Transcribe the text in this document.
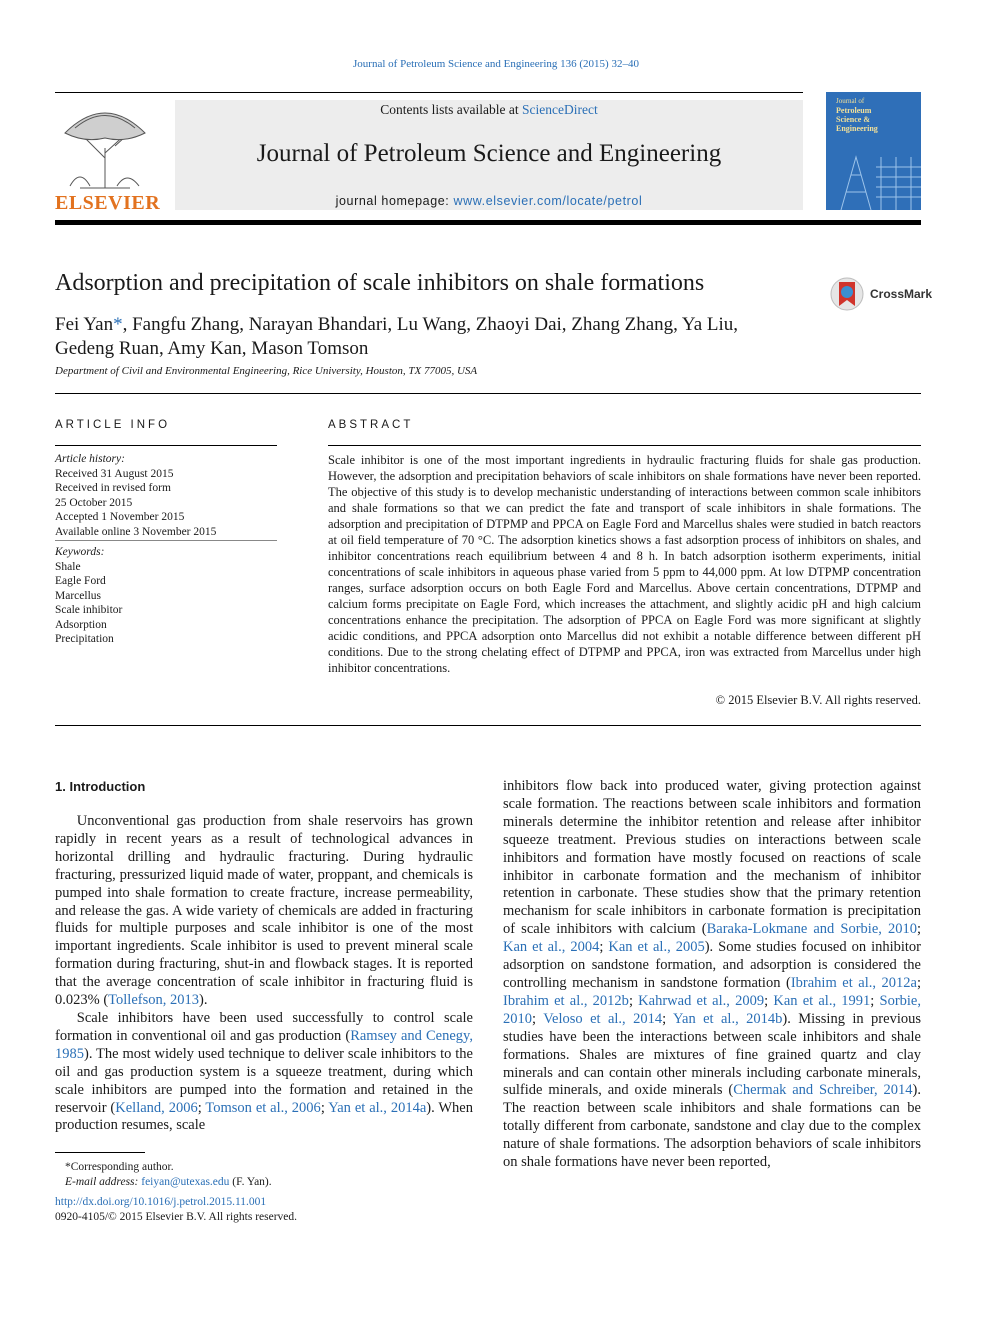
Journal of Petroleum Science and Engineering 136 (2015) 32–40
ELSEVIER
Contents lists available at ScienceDirect
Journal of Petroleum Science and Engineering
journal homepage: www.elsevier.com/locate/petrol
Journal of
Petroleum
Science &
Engineering
Adsorption and precipitation of scale inhibitors on shale formations	CrossMark
Fei Yan*, Fangfu Zhang, Narayan Bhandari, Lu Wang, Zhaoyi Dai, Zhang Zhang, Ya Liu,
Gedeng Ruan, Amy Kan, Mason Tomson
Department of Civil and Environmental Engineering, Rice University, Houston, TX 77005, USA
ARTICLE INFO	ABSTRACT
Article history:
Received 31 August 2015
Received in revised form
25 October 2015
Accepted 1 November 2015
Available online 3 November 2015
Keywords:
Shale
Eagle Ford
Marcellus
Scale inhibitor
Adsorption
Precipitation
Scale inhibitor is one of the most important ingredients in hydraulic fracturing fluids for shale gas production. However, the adsorption and precipitation behaviors of scale inhibitors on shale formations have never been reported. The objective of this study is to develop mechanistic understanding of interactions between common scale inhibitors and shale formations so that we can predict the fate and transport of scale inhibitors in shale formations. The adsorption and precipitation of DTPMP and PPCA on Eagle Ford and Marcellus shales were studied in batch reactors at oil field temperature of 70 °C. The adsorption kinetics shows a fast adsorption process of inhibitors on shales, and inhibitor concentrations reach equilibrium between 4 and 8 h. In batch adsorption isotherm experiments, initial concentrations of scale inhibitors in aqueous phase varied from 5 ppm to 44,000 ppm. At low DTPMP concentration ranges, surface adsorption occurs on both Eagle Ford and Marcellus. Above certain concentrations, DTPMP and calcium forms precipitate on Eagle Ford, which increases the attachment, and slightly acidic pH and high calcium concentrations enhance the precipitation. The adsorption of PPCA on Eagle Ford was more significant at slightly acidic conditions, and PPCA adsorption onto Marcellus did not exhibit a notable difference between different pH conditions. Due to the strong chelating effect of DTPMP and PPCA, iron was extracted from Marcellus under high inhibitor concentrations.
© 2015 Elsevier B.V. All rights reserved.
1. Introduction

Unconventional gas production from shale reservoirs has grown rapidly in recent years as a result of technological advances in horizontal drilling and hydraulic fracturing. During hydraulic fracturing, pressurized liquid made of water, proppant, and chemicals is pumped into shale formation to create fracture, increase permeability, and release the gas. A wide variety of chemicals are added in fracturing fluids for multiple purposes and scale inhibitor is one of the most important ingredients. Scale inhibitor is used to prevent mineral scale formation during fracturing, shut-in and flowback stages. It is reported that the average concentration of scale inhibitor in fracturing fluid is 0.023% (Tollefson, 2013).

Scale inhibitors have been used successfully to control scale formation in conventional oil and gas production (Ramsey and Cenegy, 1985). The most widely used technique to deliver scale inhibitors to the oil and gas production system is a squeeze treatment, during which scale inhibitors are pumped into the formation and retained in the reservoir (Kelland, 2006; Tomson et al., 2006; Yan et al., 2014a). When production resumes, scale

inhibitors flow back into produced water, giving protection against scale formation. The reactions between scale inhibitors and formation minerals determine the inhibitor retention and release after inhibitor squeeze treatment. Previous studies on interactions between scale inhibitors and formation have mostly focused on reactions of scale inhibitor in carbonate formation and the mechanism of inhibitor retention in carbonate. These studies show that the primary retention mechanism for scale inhibitors in carbonate formation is precipitation of scale inhibitors with calcium (Baraka-Lokmane and Sorbie, 2010; Kan et al., 2004; Kan et al., 2005). Some studies focused on inhibitor adsorption on sandstone formation, and adsorption is considered the controlling mechanism in sandstone formation (Ibrahim et al., 2012a; Ibrahim et al., 2012b; Kahrwad et al., 2009; Kan et al., 1991; Sorbie, 2010; Veloso et al., 2014; Yan et al., 2014b). Missing in previous studies have been the interactions between scale inhibitors and shale formations. Shales are mixtures of fine grained quartz and clay minerals and can contain other minerals including carbonate minerals, sulfide minerals, and oxide minerals (Chermak and Schreiber, 2014). The reaction between scale inhibitors and shale formations can be totally different from carbonate, sandstone and clay due to the complex nature of shale formations. The adsorption behaviors of scale inhibitors on shale formations have never been reported,

*Corresponding author.
E-mail address: feiyan@utexas.edu (F. Yan).
http://dx.doi.org/10.1016/j.petrol.2015.11.001
0920-4105/© 2015 Elsevier B.V. All rights reserved.
